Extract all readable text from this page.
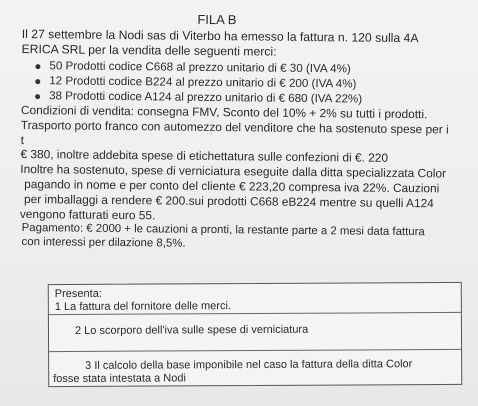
FILA B

Il 27 settembre la Nodi sas di Viterbo ha emesso la fattura n. 120 sulla 4A ERICA SRL per la vendita delle seguenti merci:

50 Prodotti codice C668 al prezzo unitario di € 30 (IVA 4%)
12 Prodotti codice B224 al prezzo unitario di € 200 (IVA 4%)
38 Prodotti codice A124 al prezzo unitario di € 680 (IVA 22%)

Condizioni di vendita: consegna FMV, Sconto del 10% + 2% su tutti i prodotti.

Trasporto porto franco con automezzo del venditore che ha sostenuto spese per i t

€ 380, inoltre addebita spese di etichettatura sulle confezioni di €. 220

Inoltre ha sostenuto, spese di verniciatura eseguite dalla ditta specializzata Color

pagando in nome e per conto del cliente € 223,20 compresa iva 22%. Cauzioni

per imballaggi a rendere € 200.sui prodotti C668 eB224 mentre su quelli A124

vengono fatturati euro 55.

Pagamento: € 2000 + le cauzioni a pronti, la restante parte a 2 mesi data fattura

con interessi per dilazione 8,5%.

Presenta:
1 La fattura del fornitore delle merci.
2 Lo scorporo dell'iva sulle spese di verniciatura
3 Il calcolo della base imponibile nel caso la fattura della ditta Color
fosse stata intestata a Nodi
